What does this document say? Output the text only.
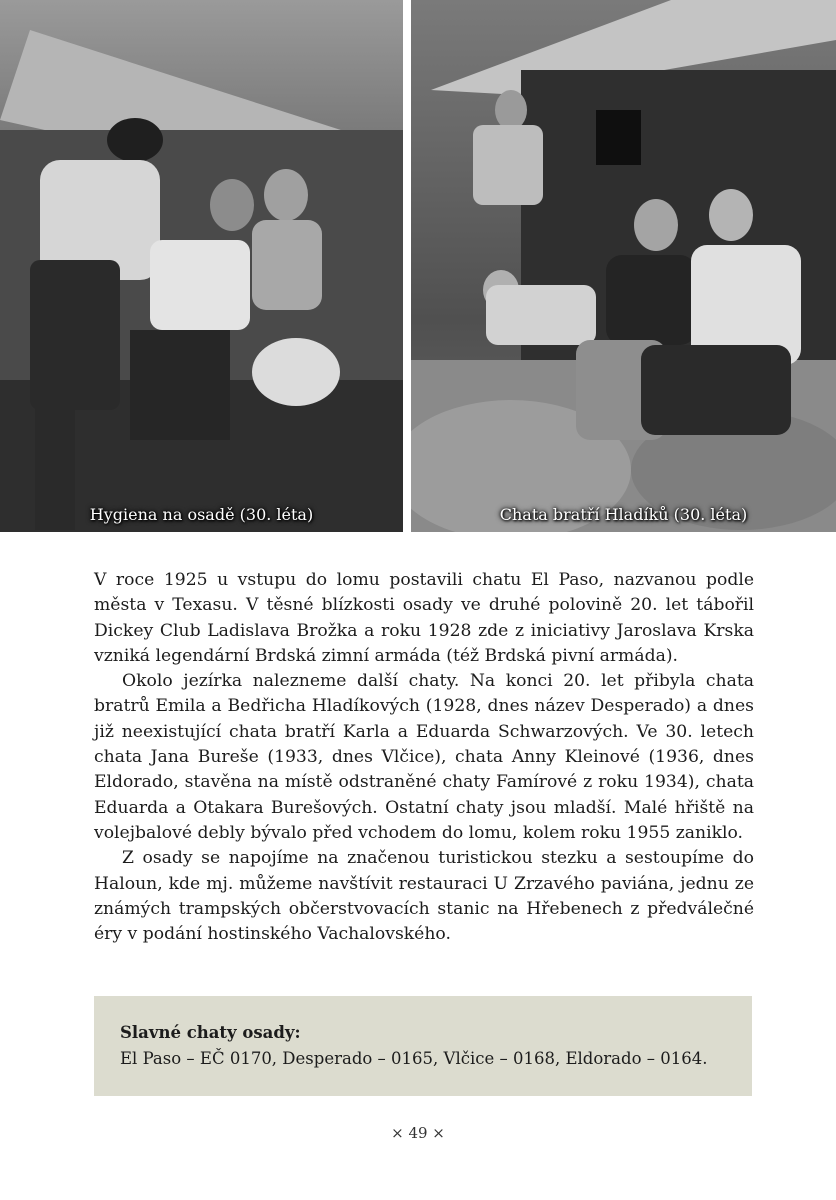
Hygiena na osadě (30. léta)	Chata bratří Hladíků (30. léta)

V roce 1925 u vstupu do lomu postavili chatu El Paso, nazvanou podle města v Texasu. V těsné blízkosti osady ve druhé polovině 20. let tábořil Dickey Club Ladislava Brožka a roku 1928 zde z iniciativy Jaroslava Krska vzniká legendární Brdská zimní armáda (též Brdská pivní armáda).

Okolo jezírka nalezneme další chaty. Na konci 20. let přibyla chata bratrů Emila a Bedřicha Hladíkových (1928, dnes název Desperado) a dnes již neexistující chata bratří Karla a Eduarda Schwarzových. Ve 30. letech chata Jana Bureše (1933, dnes Vlčice), chata Anny Kleinové (1936, dnes Eldorado, stavěna na místě odstraněné chaty Famírové z roku 1934), chata Eduarda a Otakara Burešových. Ostatní chaty jsou mladší. Malé hřiště na volejbalové debly bývalo před vchodem do lomu, kolem roku 1955 zaniklo.

Z osady se napojíme na značenou turistickou stezku a sestoupíme do Haloun, kde mj. můžeme navštívit restauraci U Zrzavého paviána, jednu ze známých trampských občerstvovacích stanic na Hřebenech z předválečné éry v podání hostinského Vachalovského.

Slavné chaty osady:
El Paso – EČ 0170, Desperado – 0165, Vlčice – 0168, Eldorado – 0164.
× 49 ×
